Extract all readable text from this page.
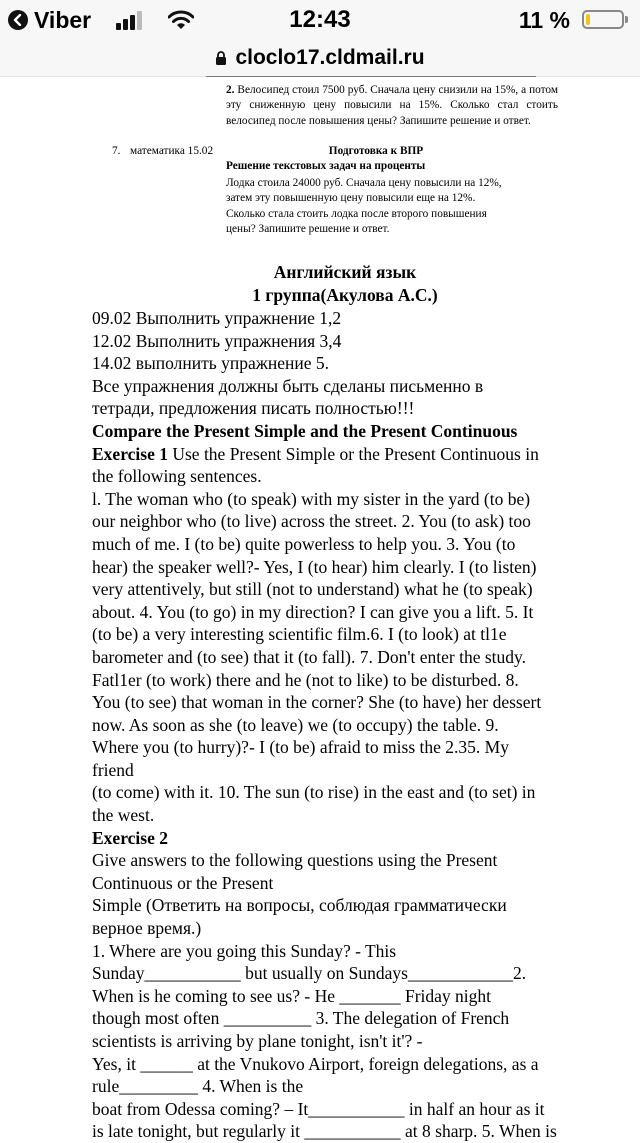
Viber	12:43	11 %
cloclo17.cldmail.ru
2. Велосипед стоил 7500 руб. Сначала цену снизили на 15%, а потом эту сниженную цену повысили на 15%. Сколько стал стоить велосипед после повышения цены? Запишите решение и ответ.
7. математика 15.02	Подготовка к ВПР
Решение текстовых задач на проценты
Лодка стоила 24000 руб. Сначала цену повысили на 12%,
затем эту повышенную цену повысили еще на 12%.
Сколько стала стоить лодка после второго повышения
цены? Запишите решение и ответ.
Английский язык
1 группа(Акулова А.С.)

09.02 Выполнить упражнение 1,2

12.02 Выполнить упражнения 3,4

14.02 выполнить упражнение 5.

Все упражнения должны быть сделаны письменно в

тетради, предложения писать полностью!!!

Compare the Present Simple and the Present Continuous

Exercise 1 Use the Present Simple or the Present Continuous in

the following sentences.

l. The woman who (to speak) with my sister in the yard (to be)

our neighbor who (to live) across the street. 2. You (to ask) too

much of me. I (to be) quite powerless to help you. 3. You (to

hear) the speaker well?- Yes, I (to hear) him clearly. I (to listen)

very attentively, but still (not to understand) what he (to speak)

about. 4. You (to go) in my direction? I can give you a lift. 5. It

(to be) a very interesting scientific film.6. I (to look) at tl1e

barometer and (to see) that it (to fall). 7. Don't enter the study.

Fatl1er (to work) there and he (not to like) to be disturbed. 8.

You (to see) that woman in the corner? She (to have) her dessert

now. As soon as she (to leave) we (to occupy) the table. 9.

Where you (to hurry)?- I (to be) afraid to miss the 2.35. My

friend

(to come) with it. 10. The sun (to rise) in the east and (to set) in

the west.

Exercise 2

Give answers to the following questions using the Present

Continuous or the Present

Simple (Ответить на вопросы, соблюдая грамматически

верное время.)

1. Where are you going this Sunday? - This

Sunday___________ but usually on Sundays____________2.

When is he coming to see us? - He _______ Friday night

though most often __________ 3. The delegation of French

scientists is arriving by plane tonight, isn't it'? -

Yes, it ______ at the Vnukovo Airport, foreign delegations, as a

rule_________ 4. When is the

boat from Odessa coming? – It___________ in half an hour as it

is late tonight, but regularly it ___________ at 8 sharp. 5. When is
